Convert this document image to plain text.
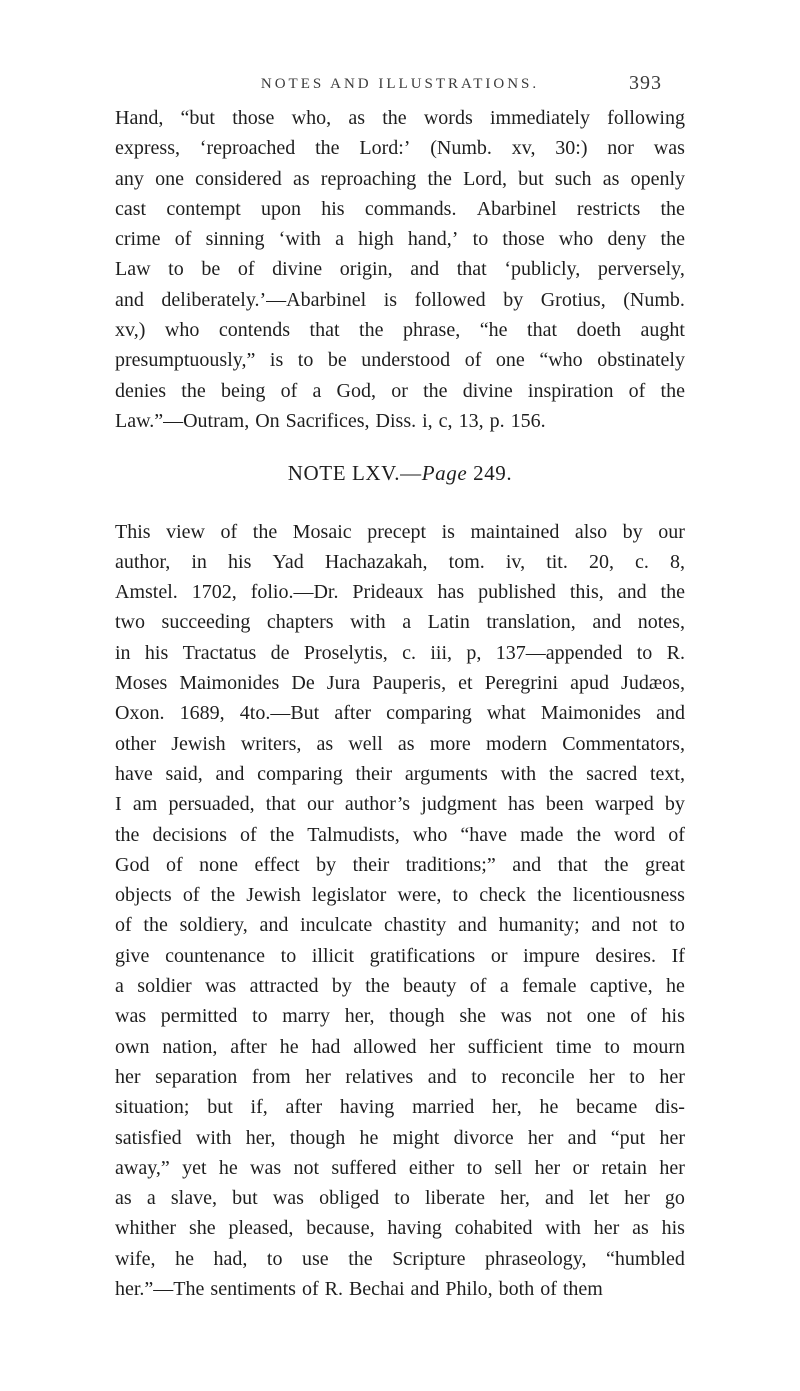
NOTES AND ILLUSTRATIONS.	393
Hand, “but those who, as the words immediately following
express, ‘reproached the Lord:’ (Numb. xv, 30:) nor was
any one considered as reproaching the Lord, but such as openly
cast contempt upon his commands. Abarbinel restricts the
crime of sinning ‘with a high hand,’ to those who deny the
Law to be of divine origin, and that ‘publicly, perversely,
and deliberately.’—Abarbinel is followed by Grotius, (Numb.
xv,) who contends that the phrase, “he that doeth aught
presumptuously,” is to be understood of one “who obstinately
denies the being of a God, or the divine inspiration of the
Law.”—Outram, On Sacrifices, Diss. i, c, 13, p. 156.
NOTE LXV.—Page 249.
This view of the Mosaic precept is maintained also by our
author, in his Yad Hachazakah, tom. iv, tit. 20, c. 8,
Amstel. 1702, folio.—Dr. Prideaux has published this, and the
two succeeding chapters with a Latin translation, and notes,
in his Tractatus de Proselytis, c. iii, p, 137—appended to R.
Moses Maimonides De Jura Pauperis, et Peregrini apud Judæos,
Oxon. 1689, 4to.—But after comparing what Maimonides and
other Jewish writers, as well as more modern Commentators,
have said, and comparing their arguments with the sacred text,
I am persuaded, that our author’s judgment has been warped by
the decisions of the Talmudists, who “have made the word of
God of none effect by their traditions;” and that the great
objects of the Jewish legislator were, to check the licentiousness
of the soldiery, and inculcate chastity and humanity; and not to
give countenance to illicit gratifications or impure desires. If
a soldier was attracted by the beauty of a female captive, he
was permitted to marry her, though she was not one of his
own nation, after he had allowed her sufficient time to mourn
her separation from her relatives and to reconcile her to her
situation; but if, after having married her, he became dis-
satisfied with her, though he might divorce her and “put her
away,” yet he was not suffered either to sell her or retain her
as a slave, but was obliged to liberate her, and let her go
whither she pleased, because, having cohabited with her as his
wife, he had, to use the Scripture phraseology, “humbled
her.”—The sentiments of R. Bechai and Philo, both of them
